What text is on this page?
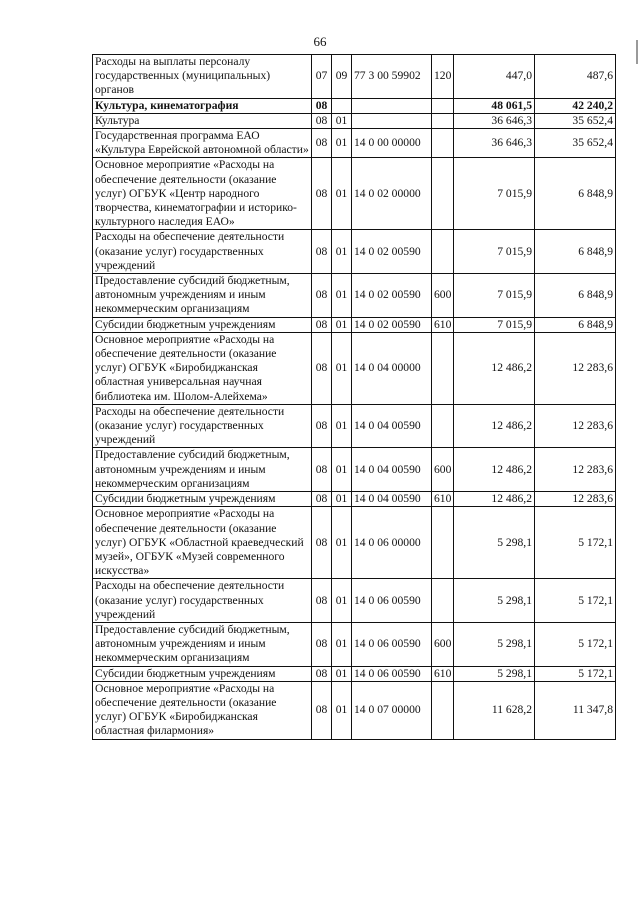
66
Расходы на выплаты персоналу государственных (муниципальных) органов	07	09	77 3 00 59902	120	447,0	487,6
Культура, кинематография	08				48 061,5	42 240,2
Культура	08	01			36 646,3	35 652,4
Государственная программа ЕАО «Культура Еврейской автономной области»	08	01	14 0 00 00000		36 646,3	35 652,4
Основное мероприятие «Расходы на обеспечение деятельности (оказание услуг) ОГБУК «Центр народного творчества, кинематографии и историко-культурного наследия ЕАО»	08	01	14 0 02 00000		7 015,9	6 848,9
Расходы на обеспечение деятельности (оказание услуг) государственных учреждений	08	01	14 0 02 00590		7 015,9	6 848,9
Предоставление субсидий бюджетным, автономным учреждениям и иным некоммерческим организациям	08	01	14 0 02 00590	600	7 015,9	6 848,9
Субсидии бюджетным учреждениям	08	01	14 0 02 00590	610	7 015,9	6 848,9
Основное мероприятие «Расходы на обеспечение деятельности (оказание услуг) ОГБУК «Биробиджанская областная универсальная научная библиотека им. Шолом-Алейхема»	08	01	14 0 04 00000		12 486,2	12 283,6
Расходы на обеспечение деятельности (оказание услуг) государственных учреждений	08	01	14 0 04 00590		12 486,2	12 283,6
Предоставление субсидий бюджетным, автономным учреждениям и иным некоммерческим организациям	08	01	14 0 04 00590	600	12 486,2	12 283,6
Субсидии бюджетным учреждениям	08	01	14 0 04 00590	610	12 486,2	12 283,6
Основное мероприятие «Расходы на обеспечение деятельности (оказание услуг) ОГБУК «Областной краеведческий музей», ОГБУК «Музей современного искусства»	08	01	14 0 06 00000		5 298,1	5 172,1
Расходы на обеспечение деятельности (оказание услуг) государственных учреждений	08	01	14 0 06 00590		5 298,1	5 172,1
Предоставление субсидий бюджетным, автономным учреждениям и иным некоммерческим организациям	08	01	14 0 06 00590	600	5 298,1	5 172,1
Субсидии бюджетным учреждениям	08	01	14 0 06 00590	610	5 298,1	5 172,1
Основное мероприятие «Расходы на обеспечение деятельности (оказание услуг) ОГБУК «Биробиджанская областная филармония»	08	01	14 0 07 00000		11 628,2	11 347,8
